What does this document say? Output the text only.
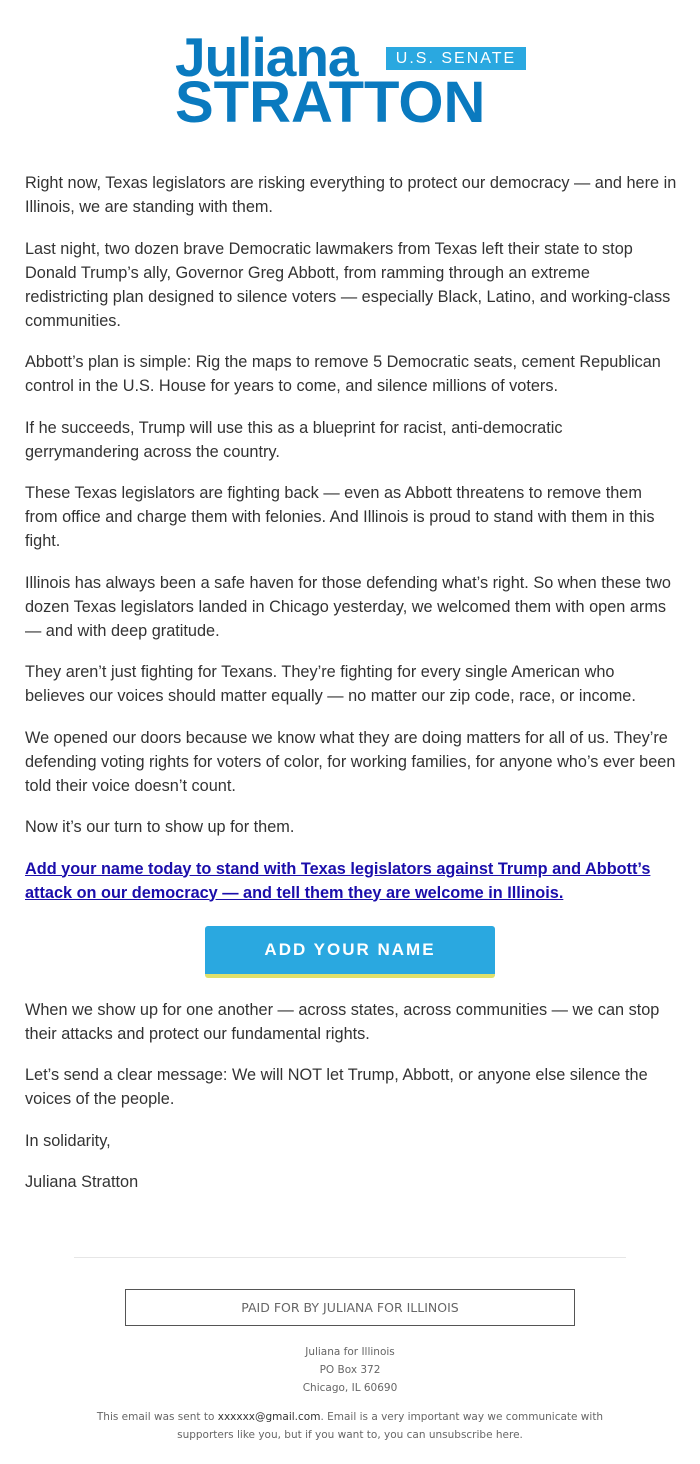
Juliana	U.S. SENATE
STRATTON

Right now, Texas legislators are risking everything to protect our democracy — and here in Illinois, we are standing with them.

Last night, two dozen brave Democratic lawmakers from Texas left their state to stop Donald Trump’s ally, Governor Greg Abbott, from ramming through an extreme redistricting plan designed to silence voters — especially Black, Latino, and working-class communities.

Abbott’s plan is simple: Rig the maps to remove 5 Democratic seats, cement Republican control in the U.S. House for years to come, and silence millions of voters.

If he succeeds, Trump will use this as a blueprint for racist, anti-democratic gerrymandering across the country.

These Texas legislators are fighting back — even as Abbott threatens to remove them from office and charge them with felonies. And Illinois is proud to stand with them in this fight.

Illinois has always been a safe haven for those defending what’s right. So when these two dozen Texas legislators landed in Chicago yesterday, we welcomed them with open arms — and with deep gratitude.

They aren’t just fighting for Texans. They’re fighting for every single American who believes our voices should matter equally — no matter our zip code, race, or income.

We opened our doors because we know what they are doing matters for all of us. They’re defending voting rights for voters of color, for working families, for anyone who’s ever been told their voice doesn’t count.

Now it’s our turn to show up for them.

Add your name today to stand with Texas legislators against Trump and Abbott’s attack on our democracy — and tell them they are welcome in Illinois.
ADD YOUR NAME

When we show up for one another — across states, across communities — we can stop their attacks and protect our fundamental rights.

Let’s send a clear message: We will NOT let Trump, Abbott, or anyone else silence the voices of the people.

In solidarity,

Juliana Stratton

PAID FOR BY JULIANA FOR ILLINOIS
Juliana for Illinois
PO Box 372
Chicago, IL 60690
This email was sent to xxxxxx@gmail.com. Email is a very important way we communicate with supporters like you, but if you want to, you can unsubscribe here.
